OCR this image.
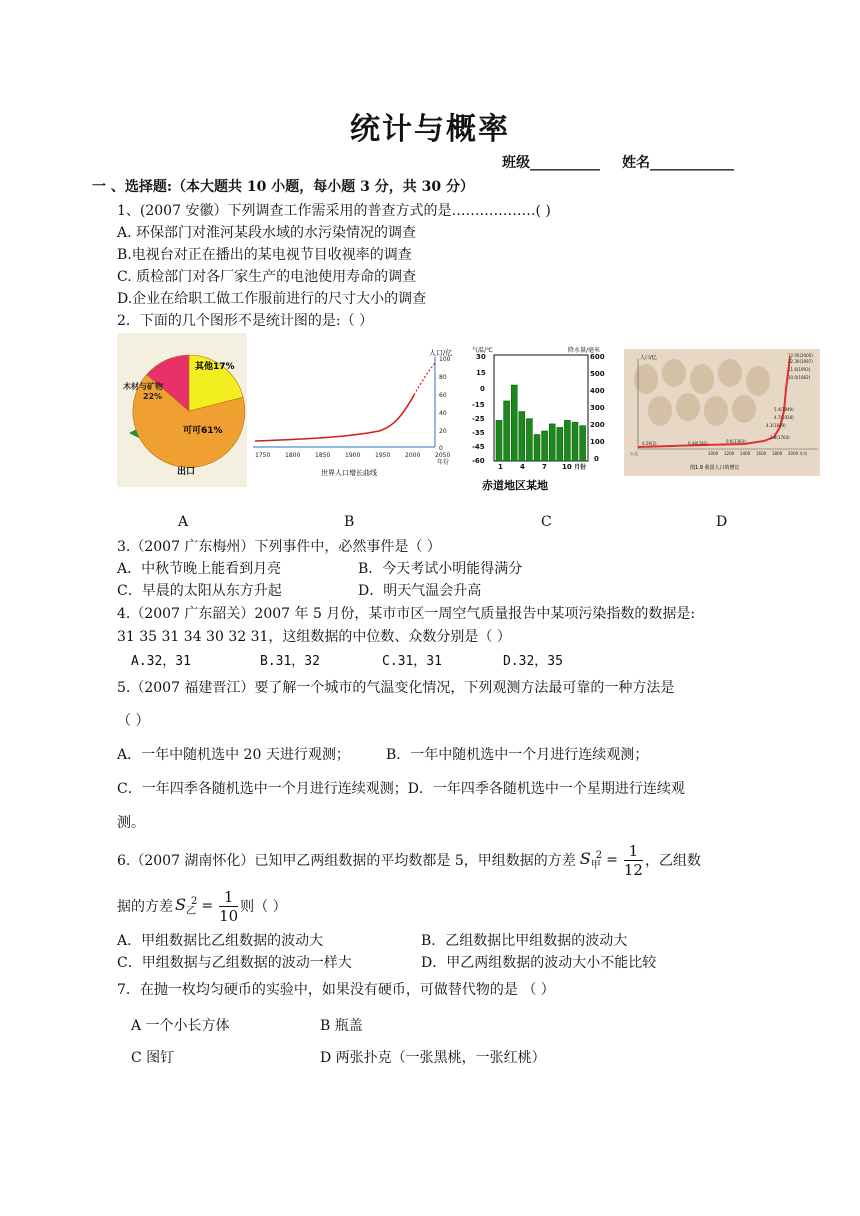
统计与概率
班级__________ 姓名____________
一 、选择题:（本大题共 10 小题，每小题 3 分，共 30 分）
1、(2007 安徽）下列调查工作需采用的普查方式的是………………( )
A. 环保部门对淮河某段水域的水污染情况的调查
B.电视台对正在播出的某电视节目收视率的调查
C. 质检部门对各厂家生产的电池使用寿命的调查
D.企业在给职工做工作服前进行的尺寸大小的调查
2．下面的几个图形不是统计图的是:（ ）
其他17%
木材与矿物 22%
可可61%
出口
人口/亿
100
80
60
40
20
0
1750 1800 1850 1900 1950 2000 2050
年份
世界人口增长曲线
气温/℃	降水量/毫米
30
15
0
-15
-25
-35
-45
-60
600
500
400
300
200
100
0
1 4 7 10 月份
赤道地区某地
人口/亿	12.95(2000)
12.30(1997)
11.6(1993)
10.0(1982)
5.4(1949)
4.7(1928)
4.3(1849)
2.8(1764)
0.6(1393)
0.48(740)
0.59(2)
公元	1000 1200 1400 1600 1800 2000 年份
图1.9 我国人口的增长
A	B	C	D
3.（2007 广东梅州）下列事件中，必然事件是（ ）
A．中秋节晚上能看到月亮	B．今天考试小明能得满分
C．早晨的太阳从东方升起	D．明天气温会升高
4.（2007 广东韶关）2007 年 5 月份，某市市区一周空气质量报告中某项污染指数的数据是:
31 35 31 34 30 32 31，这组数据的中位数、众数分别是（ ）
A.32，31	B.31，32	C.31，31	D.32，35
5.（2007 福建晋江）要了解一个城市的气温变化情况，下列观测方法最可靠的一种方法是
（ ）
A．一年中随机选中 20 天进行观测；	B．一年中随机选中一个月进行连续观测；
C．一年四季各随机选中一个月进行连续观测；D．一年四季各随机选中一个星期进行连续观
测。
6.（2007 湖南怀化）已知甲乙两组数据的平均数都是 5，甲组数据的方差 $S_甲^2 = \frac{1}{12}$ ，乙组数
据的方差 $S_乙^2 = \frac{1}{10}$ 则（ ）
A．甲组数据比乙组数据的波动大	B．乙组数据比甲组数据的波动大
C．甲组数据与乙组数据的波动一样大	D．甲乙两组数据的波动大小不能比较
7．在抛一枚均匀硬币的实验中，如果没有硬币，可做替代物的是 （ ）
A 一个小长方体	B 瓶盖
C 图钉	D 两张扑克（一张黑桃，一张红桃）
